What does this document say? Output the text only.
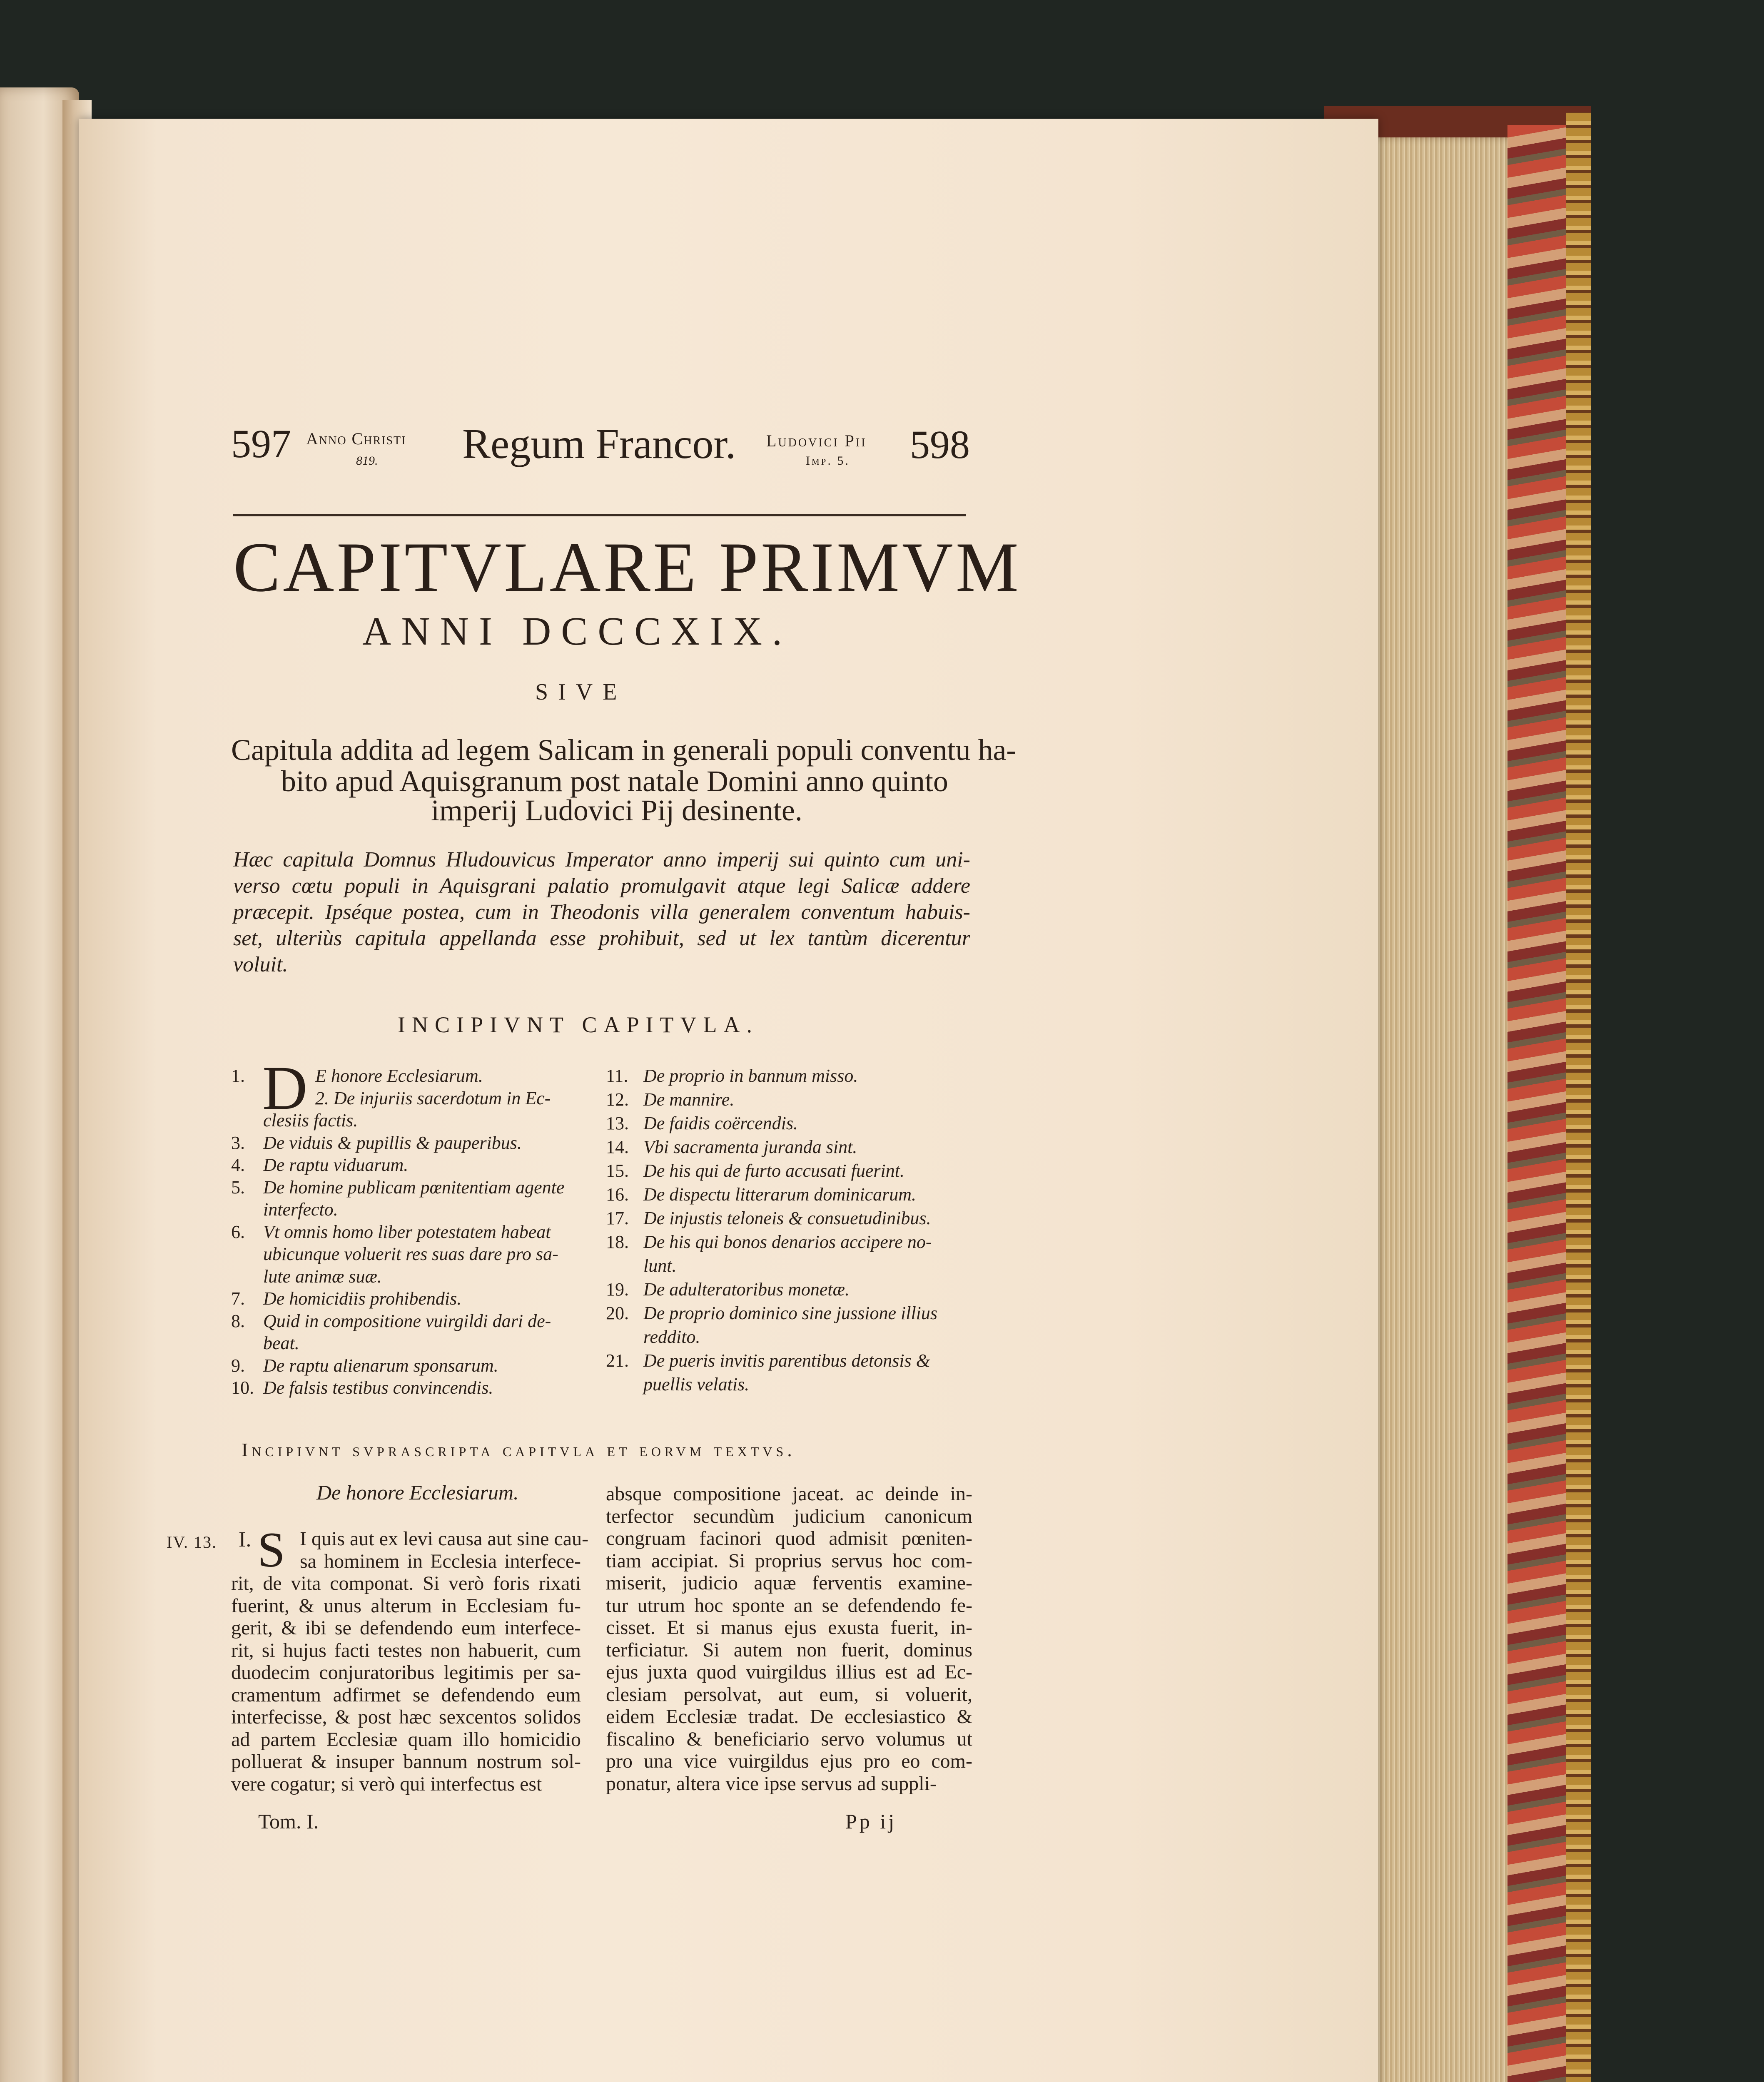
597 Anno Christi
819. Regum Francor. Ludovici Pii
Imp. 5. 598
CAPITVLARE PRIMVM
ANNI DCCCXIX.
SIVE
Capitula addita ad legem Salicam in generali populi conventu ha-
bito apud Aquisgranum post natale Domini anno quinto
imperij Ludovici Pij desinente.
Hæc capitula Domnus Hludouvicus Imperator anno imperij sui quinto cum uni-
verso cœtu populi in Aquisgrani palatio promulgavit atque legi Salicæ addere
præcepit. Ipséque postea, cum in Theodonis villa generalem conventum habuis-
set, ulteriùs capitula appellanda esse prohibuit, sed ut lex tantùm dicerentur
voluit.
INCIPIVNT CAPITVLA.
D
1.	E honore Ecclesiarum.
2. De injuriis sacerdotum in Ec-
clesiis factis.
3. De viduis & pupillis & pauperibus.
4. De raptu viduarum.
5. De homine publicam pœnitentiam agente
interfecto.
6. Vt omnis homo liber potestatem habeat
ubicunque voluerit res suas dare pro sa-
lute animæ suæ.
7. De homicidiis prohibendis.
8. Quid in compositione vuirgildi dari de-
beat.
9. De raptu alienarum sponsarum.
10. De falsis testibus convincendis.
11. De proprio in bannum misso.
12. De mannire.
13. De faidis coërcendis.
14. Vbi sacramenta juranda sint.
15. De his qui de furto accusati fuerint.
16. De dispectu litterarum dominicarum.
17. De injustis teloneis & consuetudinibus.
18. De his qui bonos denarios accipere no-
lunt.
19. De adulteratoribus monetæ.
20. De proprio dominico sine jussione illius
reddito.
21. De pueris invitis parentibus detonsis &
puellis velatis.
Incipivnt svprascripta capitvla et eorvm textvs.
De honore Ecclesiarum.
IV. 13. I. S I quis aut ex levi causa aut sine cau-
sa hominem in Ecclesia interfece-
rit, de vita componat. Si verò foris rixati
fuerint, & unus alterum in Ecclesiam fu-
gerit, & ibi se defendendo eum interfece-
rit, si hujus facti testes non habuerit, cum
duodecim conjuratoribus legitimis per sa-
cramentum adfirmet se defendendo eum
interfecisse, & post hæc sexcentos solidos
ad partem Ecclesiæ quam illo homicidio
polluerat & insuper bannum nostrum sol-
vere cogatur; si verò qui interfectus est
absque compositione jaceat. ac deinde in-
terfector secundùm judicium canonicum
congruam facinori quod admisit pœniten-
tiam accipiat. Si proprius servus hoc com-
miserit, judicio aquæ ferventis examine-
tur utrum hoc sponte an se defendendo fe-
cisset. Et si manus ejus exusta fuerit, in-
terficiatur. Si autem non fuerit, dominus
ejus juxta quod vuirgildus illius est ad Ec-
clesiam persolvat, aut eum, si voluerit,
eidem Ecclesiæ tradat. De ecclesiastico &
fiscalino & beneficiario servo volumus ut
pro una vice vuirgildus ejus pro eo com-
ponatur, altera vice ipse servus ad suppli-
Tom. I.	Pp ij
